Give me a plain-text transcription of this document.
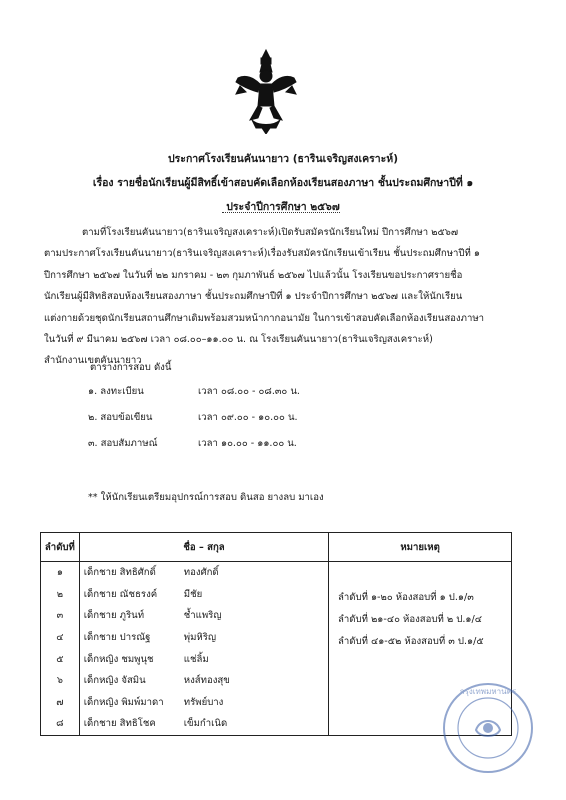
ประกาศโรงเรียนคันนายาว (ธารินเจริญสงเคราะห์)
เรื่อง รายชื่อนักเรียนผู้มีสิทธิ์เข้าสอบคัดเลือกห้องเรียนสองภาษา ชั้นประถมศึกษาปีที่ ๑
ประจำปีการศึกษา ๒๕๖๗
ตามที่โรงเรียนคันนายาว(ธารินเจริญสงเคราะห์)เปิดรับสมัครนักเรียนใหม่ ปีการศึกษา ๒๕๖๗
ตามประกาศโรงเรียนคันนายาว(ธารินเจริญสงเคราะห์)เรื่องรับสมัครนักเรียนเข้าเรียน ชั้นประถมศึกษาปีที่ ๑
ปีการศึกษา ๒๕๖๗ ในวันที่ ๒๒ มกราคม - ๒๓ กุมภาพันธ์ ๒๕๖๗ ไปแล้วนั้น โรงเรียนขอประกาศรายชื่อ
นักเรียนผู้มีสิทธิสอบห้องเรียนสองภาษา ชั้นประถมศึกษาปีที่ ๑ ประจำปีการศึกษา ๒๕๖๗ และให้นักเรียน
แต่งกายด้วยชุดนักเรียนสถานศึกษาเดิมพร้อมสวมหน้ากากอนามัย ในการเข้าสอบคัดเลือกห้องเรียนสองภาษา
ในวันที่ ๙ มีนาคม ๒๕๖๗ เวลา ๐๘.๐๐–๑๑.๐๐ น. ณ โรงเรียนคันนายาว(ธารินเจริญสงเคราะห์)
สำนักงานเขตคันนายาว
ตารางการสอบ ดังนี้
๑. ลงทะเบียน	เวลา ๐๘.๐๐ - ๐๘.๓๐ น.
๒. สอบข้อเขียน	เวลา ๐๙.๐๐ - ๑๐.๐๐ น.
๓. สอบสัมภาษณ์	เวลา ๑๐.๐๐ - ๑๑.๐๐ น.
** ให้นักเรียนเตรียมอุปกรณ์การสอบ ดินสอ ยางลบ มาเอง
ลำดับที่	ชื่อ – สกุล	หมายเหตุ
๑	เด็กชาย สิทธิศักดิ์ ทองศักดิ์	
๒	เด็กชาย ณัชธรงค์ มีชัย	
๓	เด็กชาย ภูรินท์ ช้ำแพริญ	
๔	เด็กชาย ปารณัฐ พุ่มหิริญ	
๕	เด็กหญิง ชมพูนุช แช่ลิ้ม	
๖	เด็กหญิง จัสมิน หงส์ทองสุข	
๗	เด็กหญิง พิมพ์มาดา ทรัพย์บาง	
๘	เด็กชาย สิทธิโชค เข็มกำเนิด	
ลำดับที่ ๑-๒๐ ห้องสอบที่ ๑ ป.๑/๓
ลำดับที่ ๒๑-๔๐ ห้องสอบที่ ๒ ป.๑/๔
ลำดับที่ ๔๑-๕๒ ห้องสอบที่ ๓ ป.๑/๕
กรุงเทพมหานคร
